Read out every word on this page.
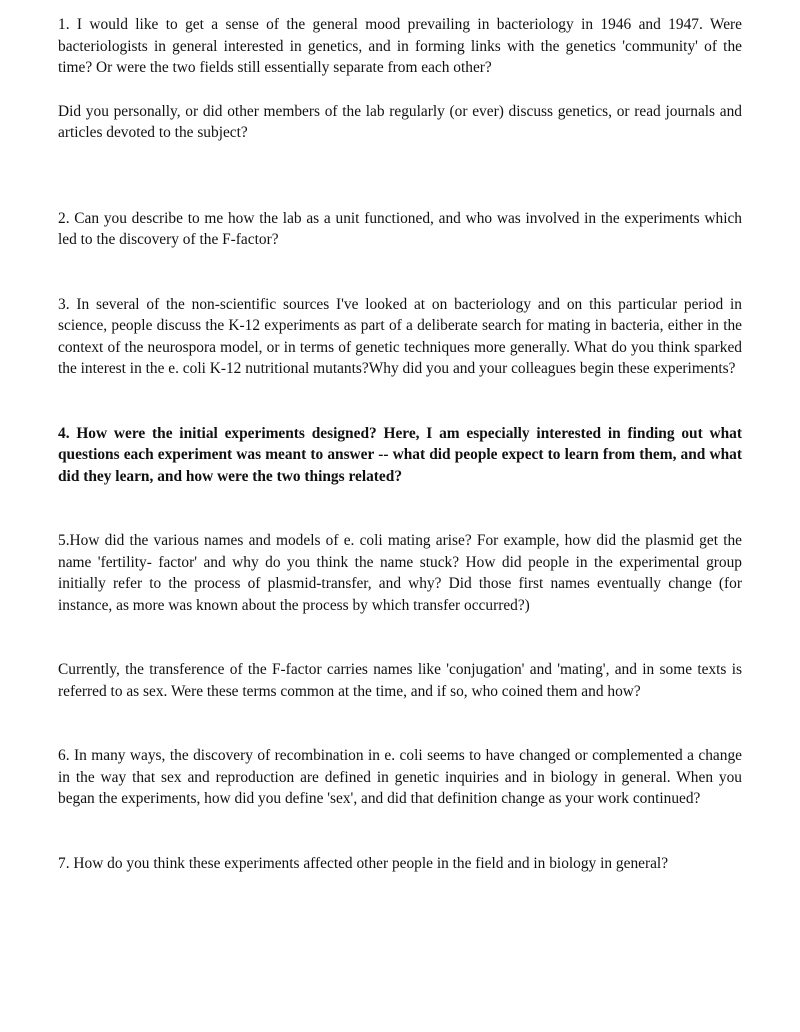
1. I would like to get a sense of the general mood prevailing in bacteriology in 1946 and 1947. Were bacteriologists in general interested in genetics, and in forming links with the genetics 'community' of the time? Or were the two fields still essentially separate from each other?

Did you personally, or did other members of the lab regularly (or ever) discuss genetics, or read journals and articles devoted to the subject?

2. Can you describe to me how the lab as a unit functioned, and who was involved in the experiments which led to the discovery of the F-factor?

3. In several of the non-scientific sources I've looked at on bacteriology and on this particular period in science, people discuss the K-12 experiments as part of a deliberate search for mating in bacteria, either in the context of the neurospora model, or in terms of genetic techniques more generally. What do you think sparked the interest in the e. coli K-12 nutritional mutants?Why did you and your colleagues begin these experiments?

4. How were the initial experiments designed? Here, I am especially interested in finding out what questions each experiment was meant to answer -- what did people expect to learn from them, and what did they learn, and how were the two things related?

5.How did the various names and models of e. coli mating arise? For example, how did the plasmid get the name 'fertility- factor' and why do you think the name stuck? How did people in the experimental group initially refer to the process of plasmid-transfer, and why? Did those first names eventually change (for instance, as more was known about the process by which transfer occurred?)

Currently, the transference of the F-factor carries names like 'conjugation' and 'mating', and in some texts is referred to as sex. Were these terms common at the time, and if so, who coined them and how?

6. In many ways, the discovery of recombination in e. coli seems to have changed or complemented a change in the way that sex and reproduction are defined in genetic inquiries and in biology in general. When you began the experiments, how did you define 'sex', and did that definition change as your work continued?

7. How do you think these experiments affected other people in the field and in biology in general?
